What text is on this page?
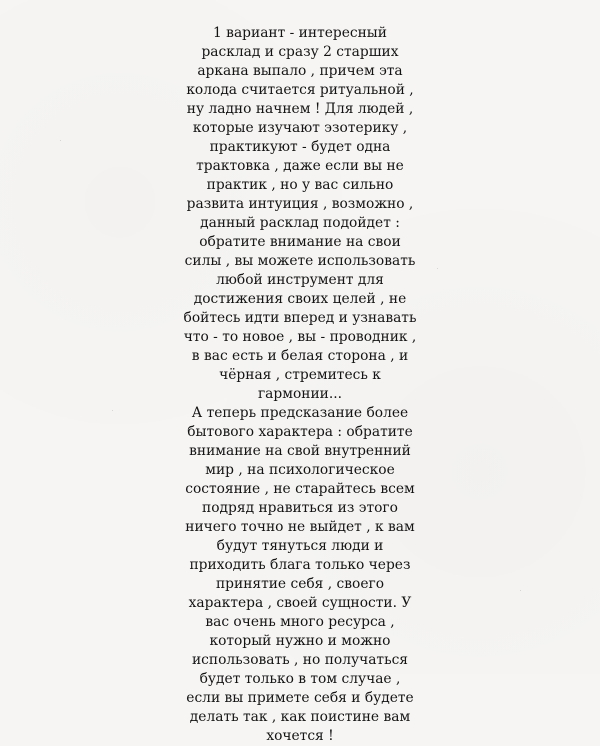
1 вариант - интересный
расклад и сразу 2 старших
аркана выпало , причем эта
колода считается ритуальной ,
ну ладно начнем ! Для людей ,
которые изучают эзотерику ,
практикуют - будет одна
трактовка , даже если вы не
практик , но у вас сильно
развита интуиция , возможно ,
данный расклад подойдет :
обратите внимание на свои
силы , вы можете использовать
любой инструмент для
достижения своих целей , не
бойтесь идти вперед и узнавать
что - то новое , вы - проводник ,
в вас есть и белая сторона , и
чёрная , стремитесь к
гармонии...
А теперь предсказание более
бытового характера : обратите
внимание на свой внутренний
мир , на психологическое
состояние , не старайтесь всем
подряд нравиться из этого
ничего точно не выйдет , к вам
будут тянуться люди и
приходить блага только через
принятие себя , своего
характера , своей сущности. У
вас очень много ресурса ,
который нужно и можно
использовать , но получаться
будет только в том случае ,
если вы примете себя и будете
делать так , как поистине вам
хочется !
